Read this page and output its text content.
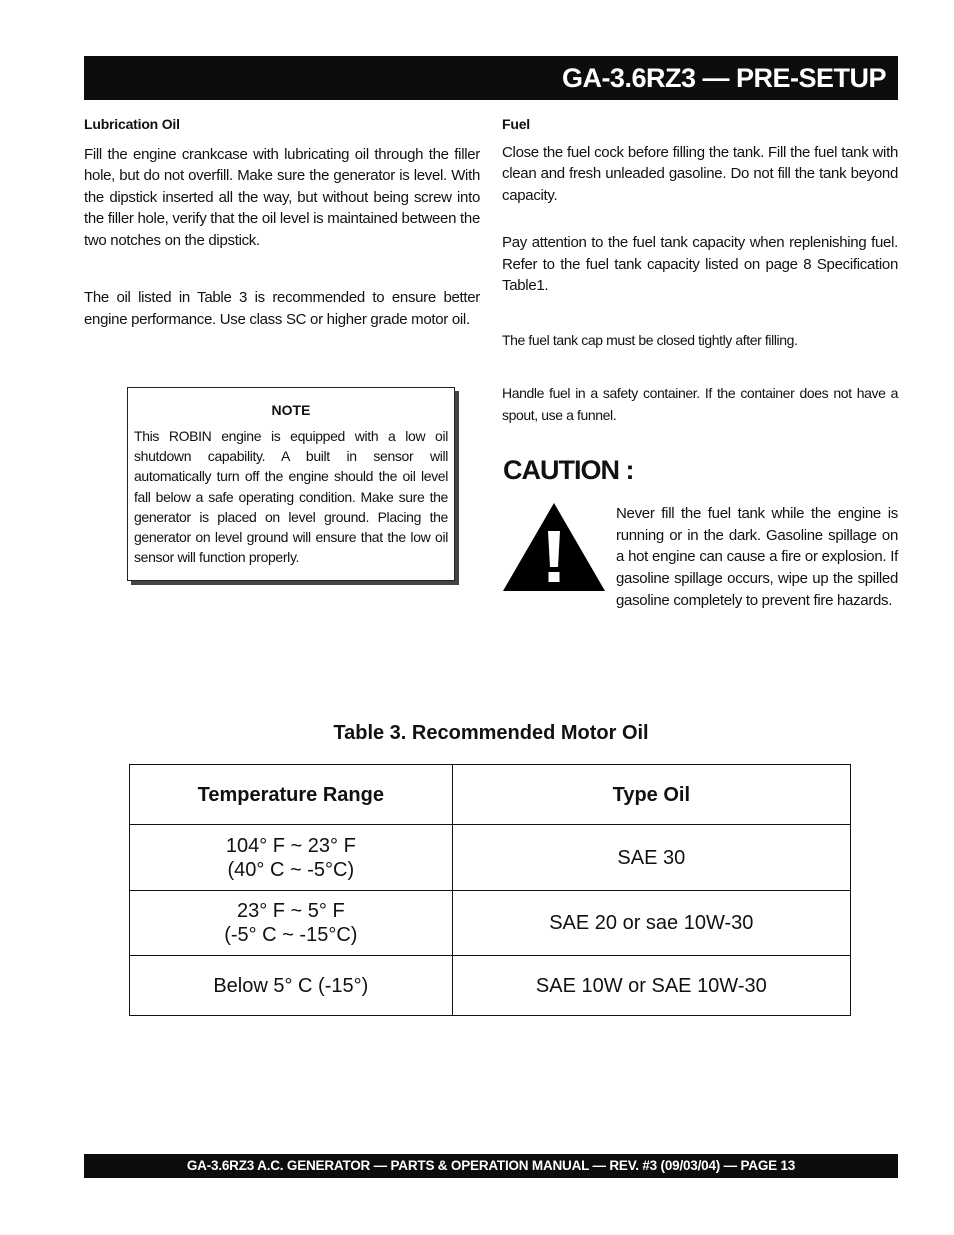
GA-3.6RZ3 — PRE-SETUP
Lubrication Oil

Fill the engine crankcase with lubricating oil through the filler hole, but do not overfill. Make sure the generator is level. With the dipstick inserted all the way, but without being screw into the filler hole, verify that the oil level is maintained between the two notches on the dipstick.

The oil listed in Table 3 is recommended to ensure better engine performance. Use class SC or higher grade motor oil.

NOTE

This ROBIN engine is equipped with a low oil shutdown capability. A built in sensor will automatically turn off the engine should the oil level fall below a safe operating condition. Make sure the generator is placed on level ground. Placing the generator on level ground will ensure that the low oil sensor will function properly.

Fuel

Close the fuel cock before filling the tank. Fill the fuel tank with clean and fresh unleaded gasoline. Do not fill the tank beyond capacity.

Pay attention to the fuel tank capacity when replenishing fuel. Refer to the fuel tank capacity listed on page 8 Specification Table1.

The fuel tank cap must be closed tightly after filling.

Handle fuel in a safety container. If the container does not have a spout, use a funnel.

CAUTION :
Never fill the fuel tank while the engine is running or in the dark. Gasoline spillage on a hot engine can cause a fire or explosion. If gasoline spillage occurs, wipe up the spilled gasoline completely to prevent fire hazards.
Table 3. Recommended Motor Oil
Temperature Range	Type Oil

104° F ~ 23° F
(40° C ~ -5°C)	SAE 30

23° F ~ 5° F
(-5° C ~ -15°C)	SAE 20 or sae 10W-30

Below 5° C (-15°)	SAE 10W or SAE 10W-30
GA-3.6RZ3 A.C. GENERATOR — PARTS & OPERATION MANUAL — REV. #3 (09/03/04) — PAGE 13
